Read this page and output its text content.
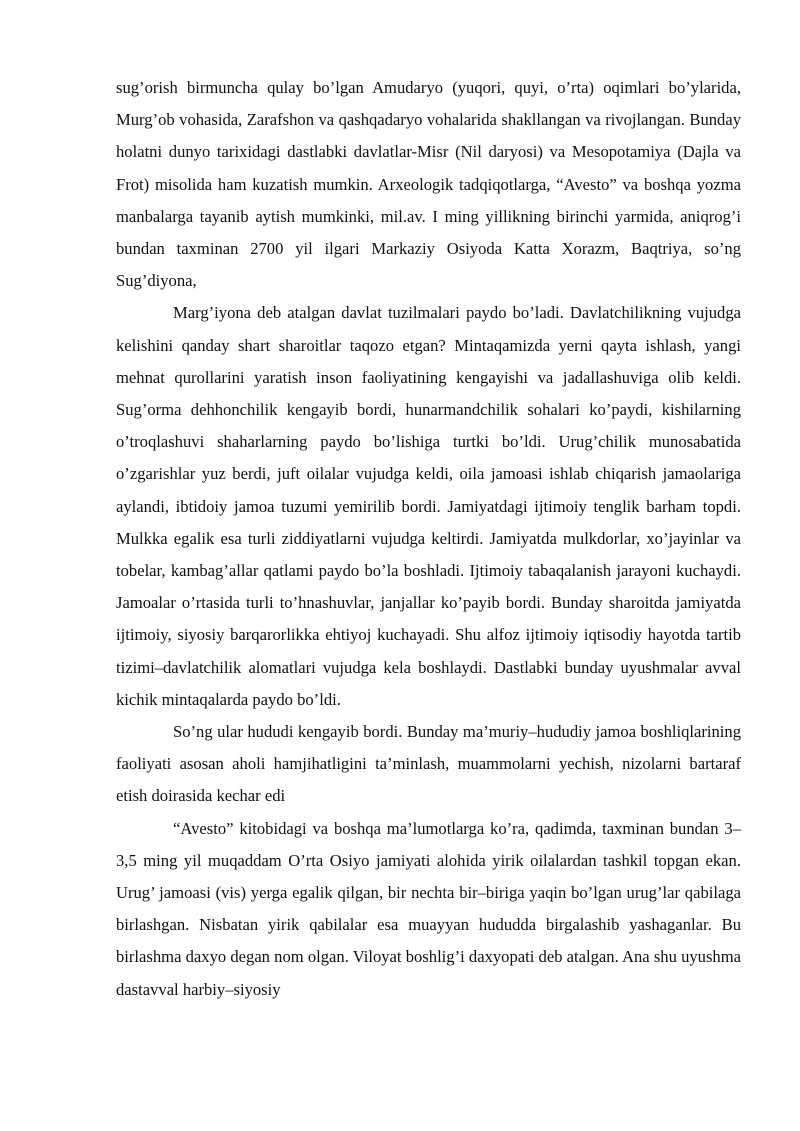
sug’orish birmuncha qulay bo’lgan Amudaryo (yuqori, quyi, o’rta) oqimlari bo’ylarida, Murg’ob vohasida, Zarafshon va qashqadaryo vohalarida shakllangan va rivojlangan. Bunday holatni dunyo tarixidagi dastlabki davlatlar-Misr (Nil daryosi) va Mesopotamiya (Dajla va Frot) misolida ham kuzatish mumkin. Arxeologik tadqiqotlarga, “Avesto” va boshqa yozma manbalarga tayanib aytish mumkinki, mil.av. I ming yillikning birinchi yarmida, aniqrog’i bundan taxminan 2700 yil ilgari Markaziy Osiyoda Katta Xorazm, Baqtriya, so’ng Sug’diyona,

Marg’iyona deb atalgan davlat tuzilmalari paydo bo’ladi. Davlatchilikning vujudga kelishini qanday shart sharoitlar taqozo etgan? Mintaqamizda yerni qayta ishlash, yangi mehnat qurollarini yaratish inson faoliyatining kengayishi va jadallashuviga olib keldi. Sug’orma dehhonchilik kengayib bordi, hunarmandchilik sohalari ko’paydi, kishilarning o’troqlashuvi shaharlarning paydo bo’lishiga turtki bo’ldi. Urug’chilik munosabatida o’zgarishlar yuz berdi, juft oilalar vujudga keldi, oila jamoasi ishlab chiqarish jamaolariga aylandi, ibtidoiy jamoa tuzumi yemirilib bordi. Jamiyatdagi ijtimoiy tenglik barham topdi. Mulkka egalik esa turli ziddiyatlarni vujudga keltirdi. Jamiyatda mulkdorlar, xo’jayinlar va tobelar, kambag’allar qatlami paydo bo’la boshladi. Ijtimoiy tabaqalanish jarayoni kuchaydi. Jamoalar o’rtasida turli to’hnashuvlar, janjallar ko’payib bordi. Bunday sharoitda jamiyatda ijtimoiy, siyosiy barqarorlikka ehtiyoj kuchayadi. Shu alfoz ijtimoiy iqtisodiy hayotda tartib tizimi–davlatchilik alomatlari vujudga kela boshlaydi. Dastlabki bunday uyushmalar avval kichik mintaqalarda paydo bo’ldi.

So’ng ular hududi kengayib bordi. Bunday ma’muriy–hududiy jamoa boshliqlarining faoliyati asosan aholi hamjihatligini ta’minlash, muammolarni yechish, nizolarni bartaraf etish doirasida kechar edi

“Avesto” kitobidagi va boshqa ma’lumotlarga ko’ra, qadimda, taxminan bundan 3–3,5 ming yil muqaddam O’rta Osiyo jamiyati alohida yirik oilalardan tashkil topgan ekan. Urug’ jamoasi (vis) yerga egalik qilgan, bir nechta bir–biriga yaqin bo’lgan urug’lar qabilaga birlashgan. Nisbatan yirik qabilalar esa muayyan hududda birgalashib yashaganlar. Bu birlashma daxyo degan nom olgan. Viloyat boshlig’i daxyopati deb atalgan. Ana shu uyushma dastavval harbiy–siyosiy
